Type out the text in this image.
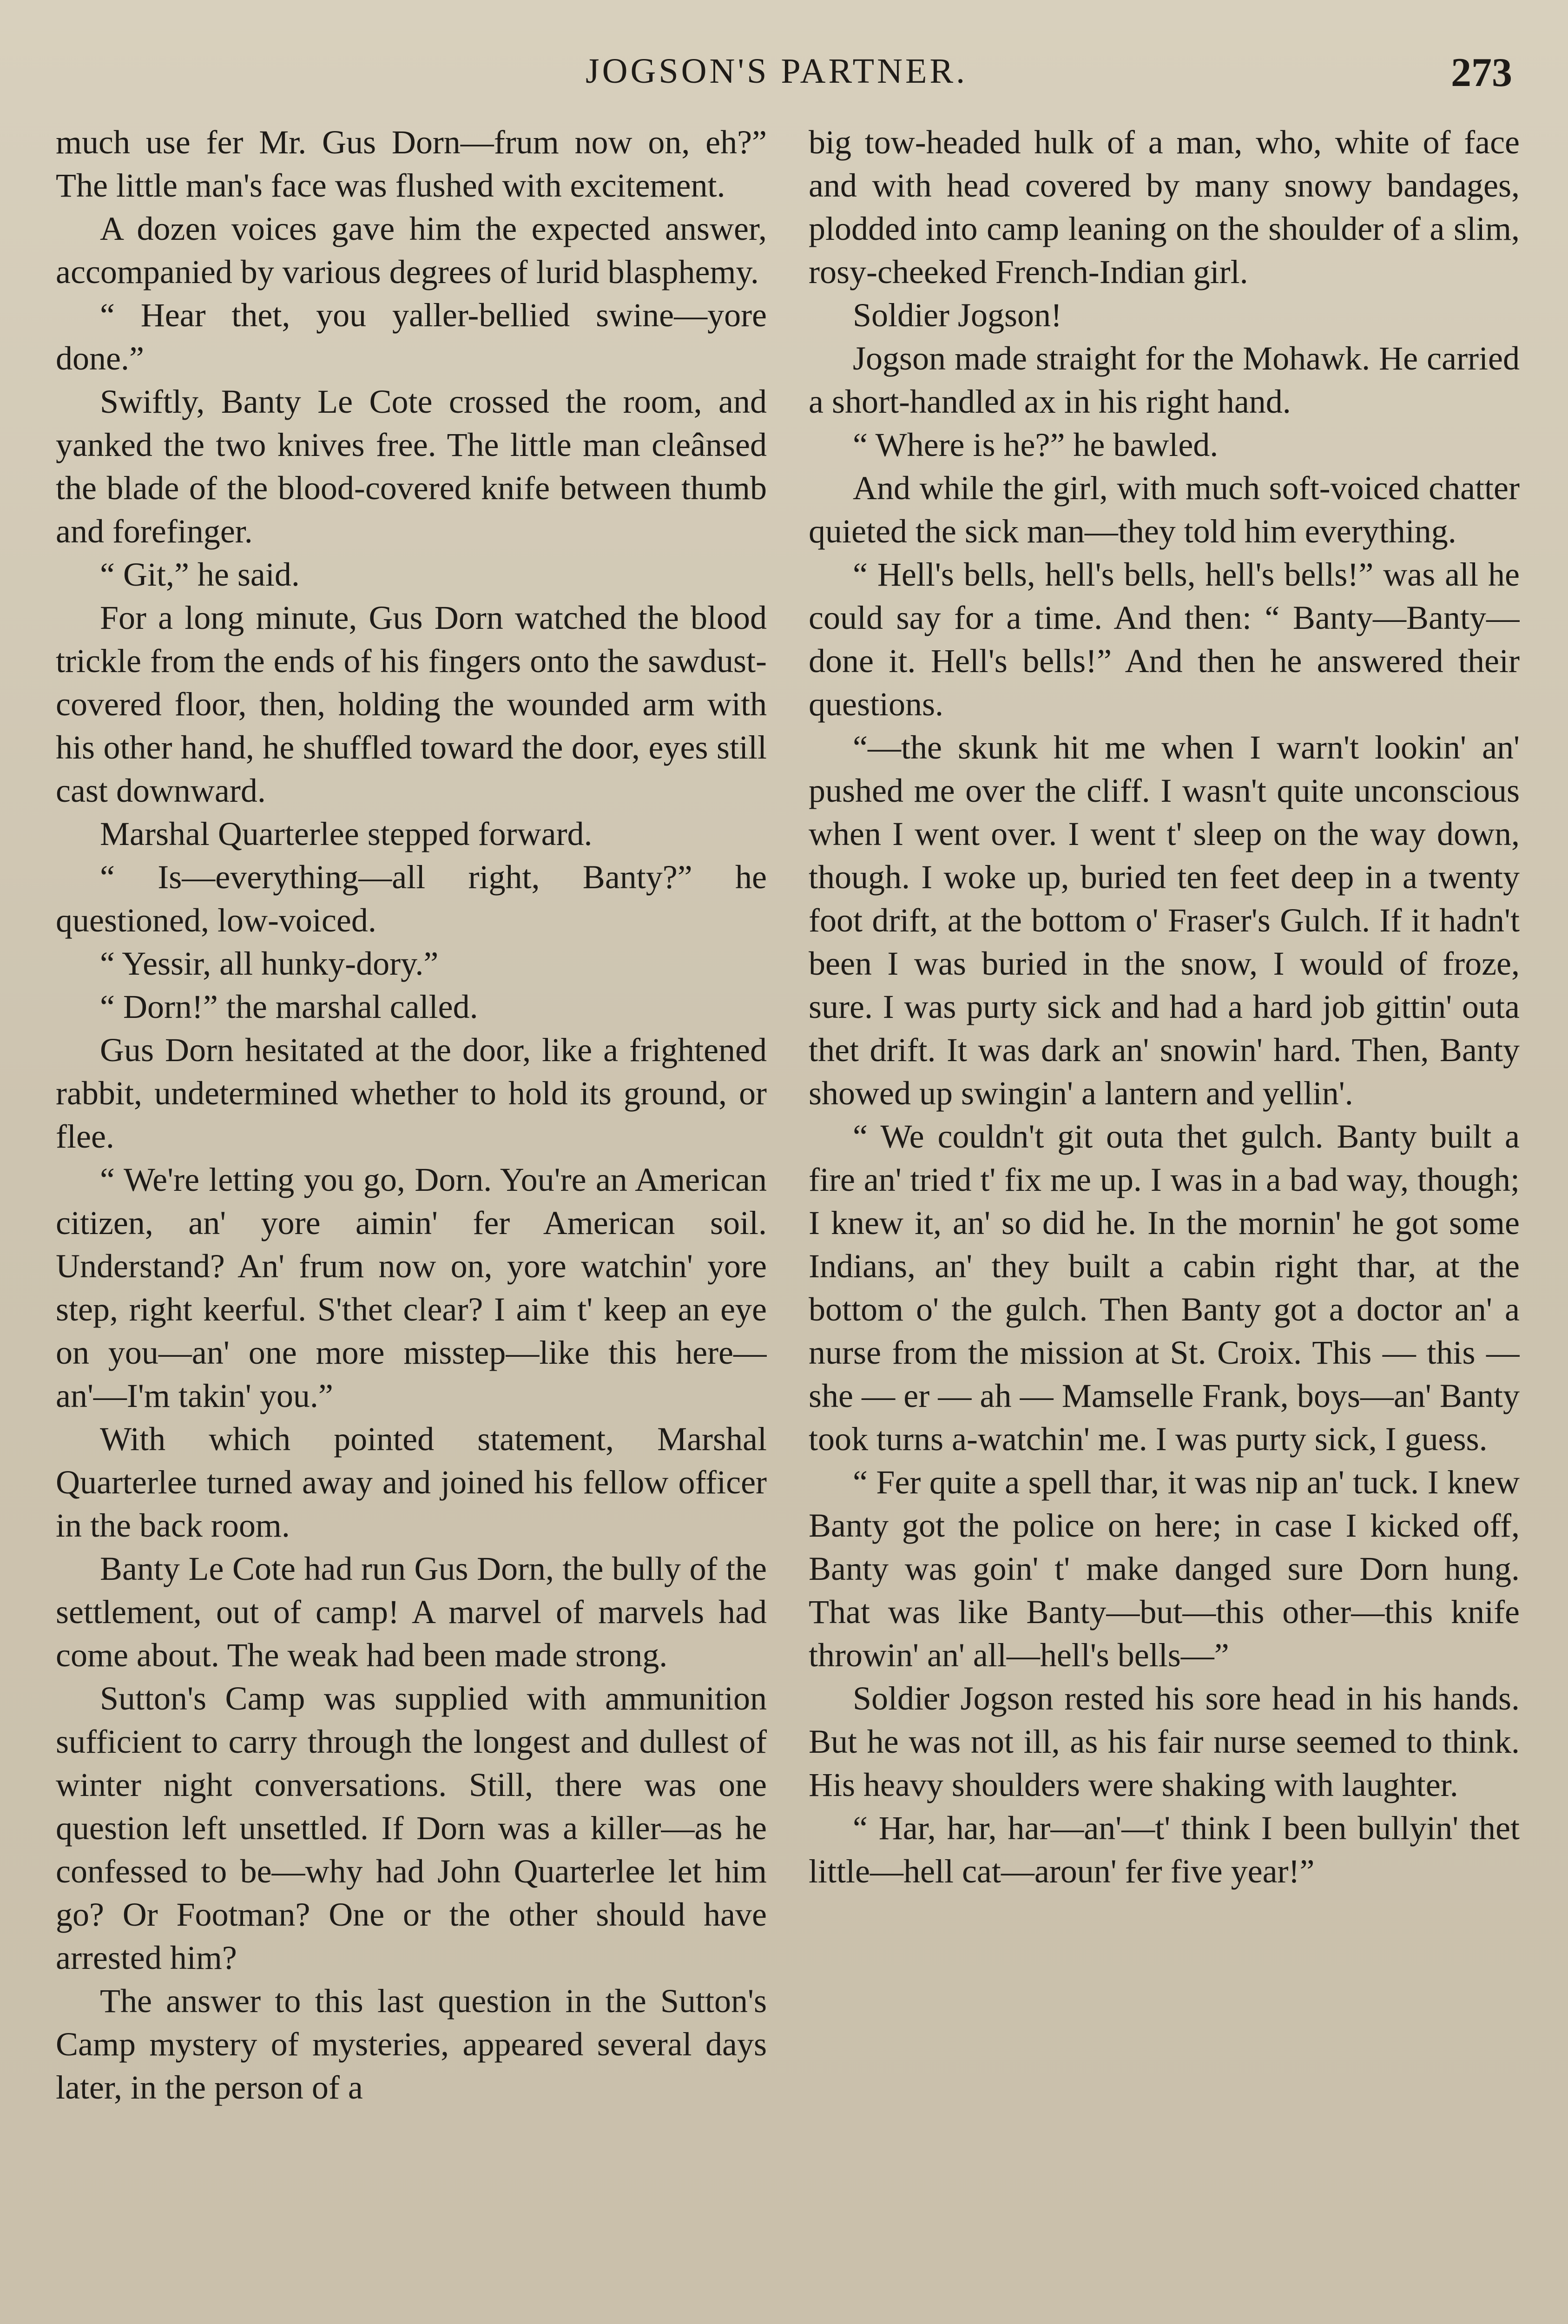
JOGSON'S PARTNER.	273

much use fer Mr. Gus Dorn—frum now on, eh?” The little man's face was flushed with excitement.

A dozen voices gave him the expected answer, accompanied by various degrees of lurid blasphemy.

“ Hear thet, you yaller-bellied swine—yore done.”

Swiftly, Banty Le Cote crossed the room, and yanked the two knives free. The little man cleânsed the blade of the blood-covered knife between thumb and forefinger.

“ Git,” he said.

For a long minute, Gus Dorn watched the blood trickle from the ends of his fingers onto the sawdust-covered floor, then, holding the wounded arm with his other hand, he shuffled toward the door, eyes still cast downward.

Marshal Quarterlee stepped forward.

“ Is—everything—all right, Banty?” he questioned, low-voiced.

“ Yessir, all hunky-dory.”

“ Dorn!” the marshal called.

Gus Dorn hesitated at the door, like a frightened rabbit, undetermined whether to hold its ground, or flee.

“ We're letting you go, Dorn. You're an American citizen, an' yore aimin' fer American soil. Understand? An' frum now on, yore watchin' yore step, right keerful. S'thet clear? I aim t' keep an eye on you—an' one more misstep—like this here—an'—I'm takin' you.”

With which pointed statement, Marshal Quarterlee turned away and joined his fellow officer in the back room.

Banty Le Cote had run Gus Dorn, the bully of the settlement, out of camp! A marvel of marvels had come about. The weak had been made strong.

Sutton's Camp was supplied with ammunition sufficient to carry through the longest and dullest of winter night conversations. Still, there was one question left unsettled. If Dorn was a killer—as he confessed to be—why had John Quarterlee let him go? Or Footman? One or the other should have arrested him?

The answer to this last question in the Sutton's Camp mystery of mysteries, appeared several days later, in the person of a

big tow-headed hulk of a man, who, white of face and with head covered by many snowy bandages, plodded into camp leaning on the shoulder of a slim, rosy-cheeked French-Indian girl.

Soldier Jogson!

Jogson made straight for the Mohawk. He carried a short-handled ax in his right hand.

“ Where is he?” he bawled.

And while the girl, with much soft-voiced chatter quieted the sick man—they told him everything.

“ Hell's bells, hell's bells, hell's bells!” was all he could say for a time. And then: “ Banty—Banty—done it. Hell's bells!” And then he answered their questions.

“—the skunk hit me when I warn't lookin' an' pushed me over the cliff. I wasn't quite unconscious when I went over. I went t' sleep on the way down, though. I woke up, buried ten feet deep in a twenty foot drift, at the bottom o' Fraser's Gulch. If it hadn't been I was buried in the snow, I would of froze, sure. I was purty sick and had a hard job gittin' outa thet drift. It was dark an' snowin' hard. Then, Banty showed up swingin' a lantern and yellin'.

“ We couldn't git outa thet gulch. Banty built a fire an' tried t' fix me up. I was in a bad way, though; I knew it, an' so did he. In the mornin' he got some Indians, an' they built a cabin right thar, at the bottom o' the gulch. Then Banty got a doctor an' a nurse from the mission at St. Croix. This — this — she — er — ah — Mamselle Frank, boys—an' Banty took turns a-watchin' me. I was purty sick, I guess.

“ Fer quite a spell thar, it was nip an' tuck. I knew Banty got the police on here; in case I kicked off, Banty was goin' t' make danged sure Dorn hung. That was like Banty—but—this other—this knife throwin' an' all—hell's bells—”

Soldier Jogson rested his sore head in his hands. But he was not ill, as his fair nurse seemed to think. His heavy shoulders were shaking with laughter.

“ Har, har, har—an'—t' think I been bullyin' thet little—hell cat—aroun' fer five year!”
